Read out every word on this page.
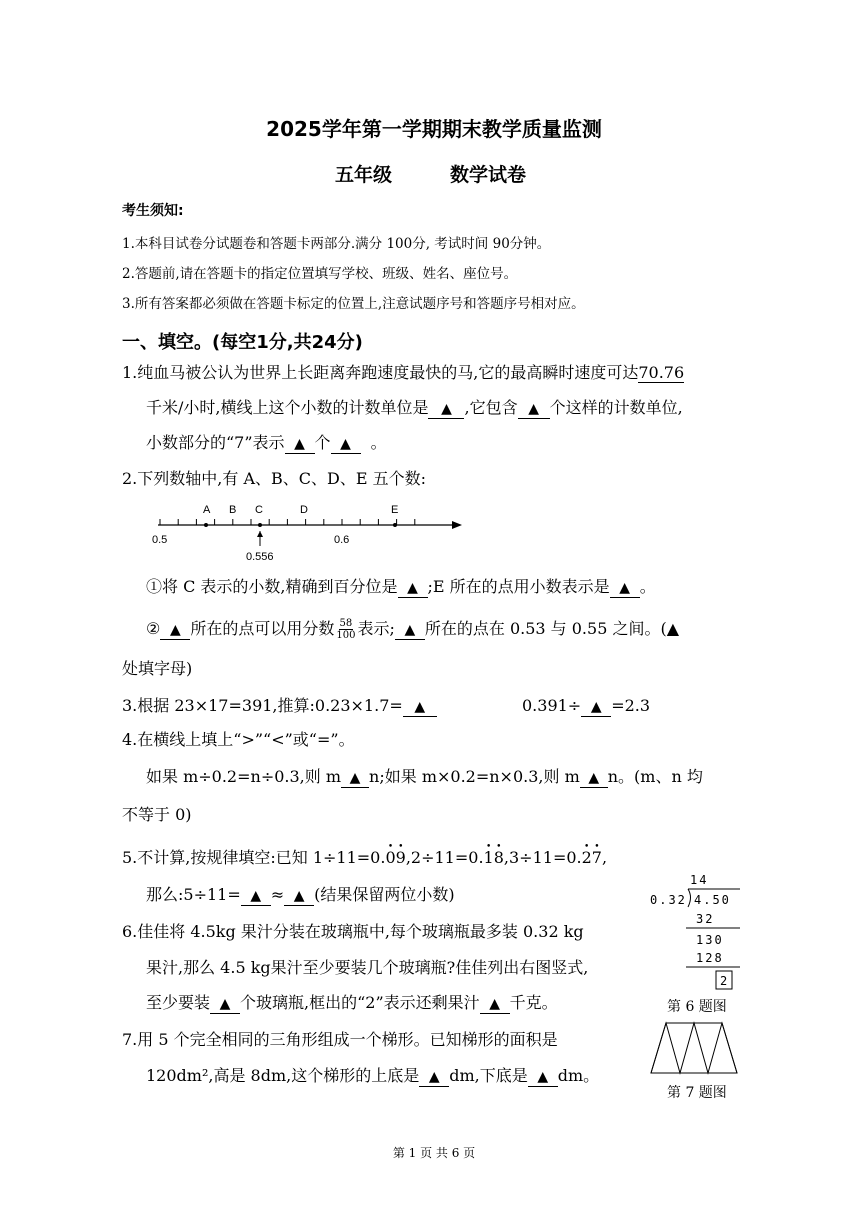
2025学年第一学期期末教学质量监测
五年级	数学试卷
考生须知:
1.本科目试卷分试题卷和答题卡两部分.满分 100分, 考试时间 90分钟。
2.答题前,请在答题卡的指定位置填写学校、班级、姓名、座位号。
3.所有答案都必须做在答题卡标定的位置上,注意试题序号和答题序号相对应。
一、填空。(每空1分,共24分)
1.纯血马被公认为世界上长距离奔跑速度最快的马,它的最高瞬时速度可达70.76
千米/小时,横线上这个小数的计数单位是 ▲ ,它包含 ▲ 个这样的计数单位,
小数部分的“7”表示 ▲ 个 ▲ 。
2.下列数轴中,有 A、B、C、D、E 五个数:
A B C	D	E
0.5	0.6
0.556
①将 C 表示的小数,精确到百分位是 ▲ ;E 所在的点用小数表示是 ▲ 。
② ▲ 所在的点可以用分数 $\frac{58}{100}$ 表示; ▲ 所在的点在 0.53 与 0.55 之间。(▲
处填字母)
3.根据 23×17=391,推算:0.23×1.7= ▲	0.391÷ ▲ =2.3
4.在横线上填上“>”“<”或“=”。
如果 m÷0.2=n÷0.3,则 m ▲ n;如果 m×0.2=n×0.3,则 m ▲ n。(m、n 均
不等于 0)
5.不计算,按规律填空:已知 1÷11=0.• 0• 9,2÷11=0.• 1• 8,3÷11=0.• 2• 7,
那么:5÷11= ▲ ≈ ▲ (结果保留两位小数)
6.佳佳将 4.5kg 果汁分装在玻璃瓶中,每个玻璃瓶最多装 0.32 kg
果汁,那么 4.5 kg果汁至少要装几个玻璃瓶?佳佳列出右图竖式,
至少要装 ▲ 个玻璃瓶,框出的“2”表示还剩果汁 ▲ 千克。
14
0.32 4.50
32
130
128
2
第 6 题图
7.用 5 个完全相同的三角形组成一个梯形。已知梯形的面积是
120dm²,高是 8dm,这个梯形的上底是 ▲ dm,下底是 ▲ dm。
第 7 题图
第 1 页 共 6 页
